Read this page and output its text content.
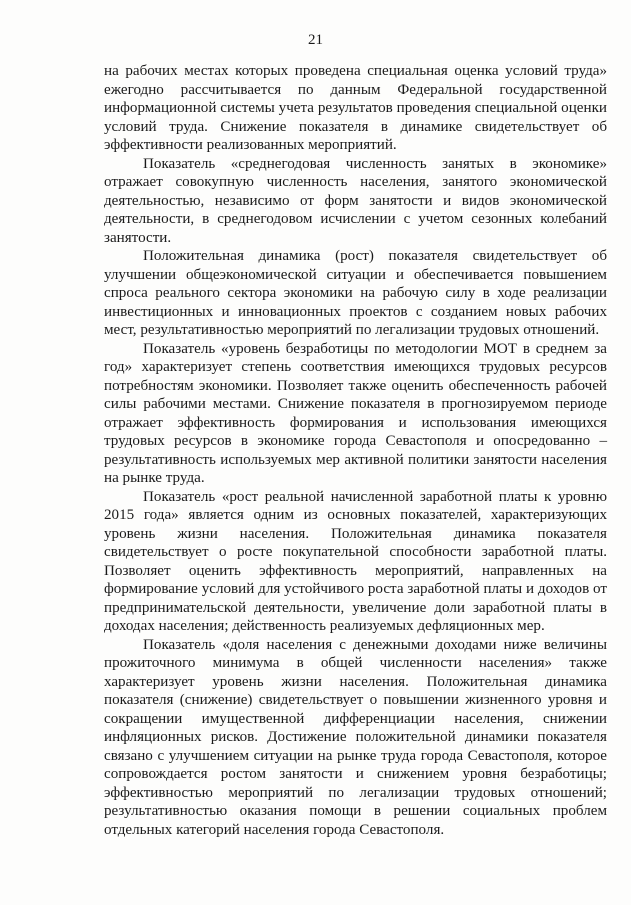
21

на рабочих местах которых проведена специальная оценка условий труда» ежегодно рассчитывается по данным Федеральной государственной информационной системы учета результатов проведения специальной оценки условий труда. Снижение показателя в динамике свидетельствует об эффективности реализованных мероприятий.

Показатель «среднегодовая численность занятых в экономике» отражает совокупную численность населения, занятого экономической деятельностью, независимо от форм занятости и видов экономической деятельности, в среднегодовом исчислении с учетом сезонных колебаний занятости.

Положительная динамика (рост) показателя свидетельствует об улучшении общеэкономической ситуации и обеспечивается повышением спроса реального сектора экономики на рабочую силу в ходе реализации инвестиционных и инновационных проектов с созданием новых рабочих мест, результативностью мероприятий по легализации трудовых отношений.

Показатель «уровень безработицы по методологии МОТ в среднем за год» характеризует степень соответствия имеющихся трудовых ресурсов потребностям экономики. Позволяет также оценить обеспеченность рабочей силы рабочими местами. Снижение показателя в прогнозируемом периоде отражает эффективность формирования и использования имеющихся трудовых ресурсов в экономике города Севастополя и опосредованно – результативность используемых мер активной политики занятости населения на рынке труда.

Показатель «рост реальной начисленной заработной платы к уровню 2015 года» является одним из основных показателей, характеризующих уровень жизни населения. Положительная динамика показателя свидетельствует о росте покупательной способности заработной платы. Позволяет оценить эффективность мероприятий, направленных на формирование условий для устойчивого роста заработной платы и доходов от предпринимательской деятельности, увеличение доли заработной платы в доходах населения; действенность реализуемых дефляционных мер.

Показатель «доля населения с денежными доходами ниже величины прожиточного минимума в общей численности населения» также характеризует уровень жизни населения. Положительная динамика показателя (снижение) свидетельствует о повышении жизненного уровня и сокращении имущественной дифференциации населения, снижении инфляционных рисков. Достижение положительной динамики показателя связано с улучшением ситуации на рынке труда города Севастополя, которое сопровождается ростом занятости и снижением уровня безработицы; эффективностью мероприятий по легализации трудовых отношений; результативностью оказания помощи в решении социальных проблем отдельных категорий населения города Севастополя.
